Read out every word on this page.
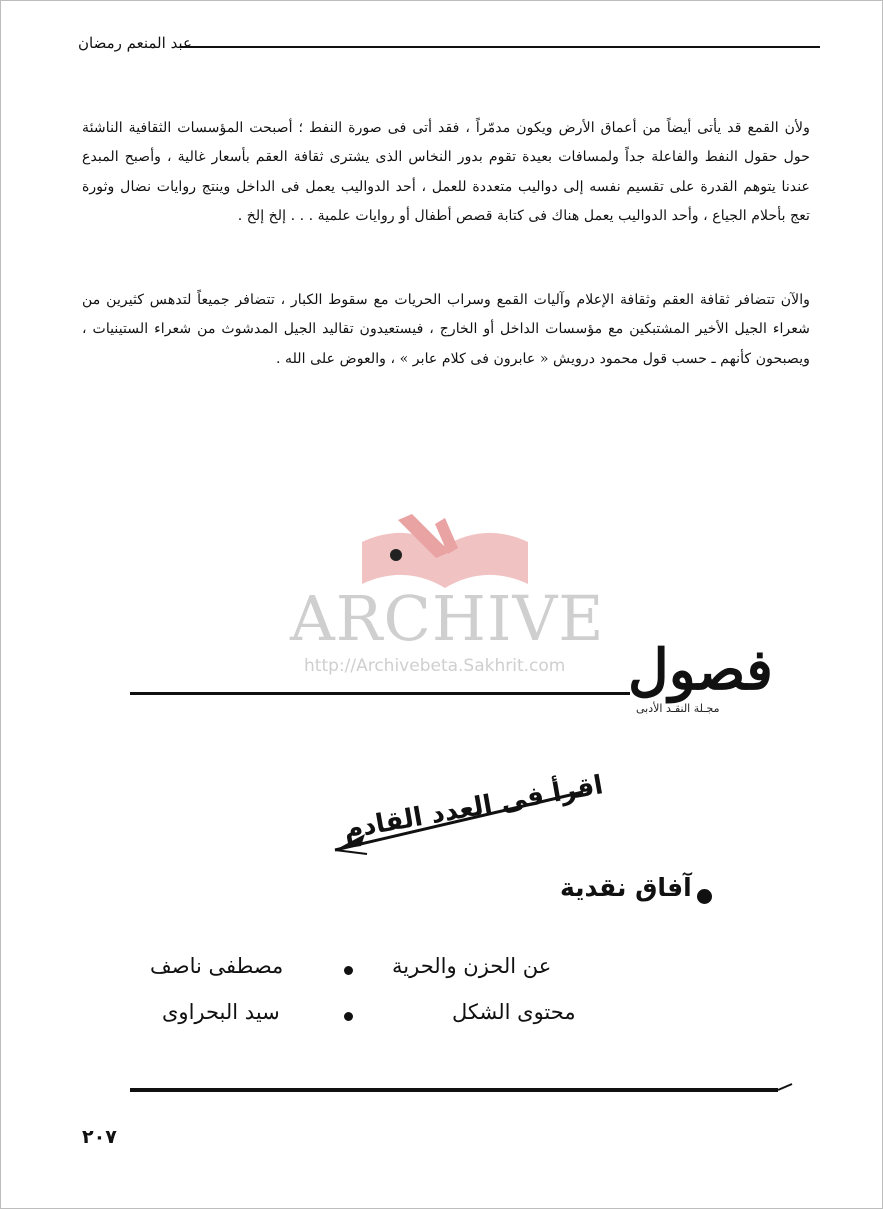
عبد المنعم رمضان
ولأن القمع قد يأتى أيضاً من أعماق الأرض ويكون مدمّراً ، فقد أتى فى صورة النفط ؛ أصبحت المؤسسات الثقافية الناشئة حول حقول النفط والفاعلة جداً ولمسافات بعيدة تقوم بدور النخاس الذى يشترى ثقافة العقم بأسعار غالية ، وأصبح المبدع عندنا يتوهم القدرة على تقسيم نفسه إلى دواليب متعددة للعمل ، أحد الدواليب يعمل فى الداخل وينتج روايات نضال وثورة تعج بأحلام الجياع ، وأحد الدواليب يعمل هناك فى كتابة قصص أطفال أو روايات علمية . . . إلخ إلخ .
والآن تتضافر ثقافة العقم وثقافة الإعلام وآليات القمع وسراب الحريات مع سقوط الكبار ، تتضافر جميعاً لتدهس كثيرين من شعراء الجيل الأخير المشتبكين مع مؤسسات الداخل أو الخارج ، فيستعيدون تقاليد الجيل المدشوث من شعراء الستينيات ، ويصبحون كأنهم ـ حسب قول محمود درويش « عابرون فى كلام عابر » ، والعوض على الله .
ARCHIVE
http://Archivebeta.Sakhrit.com فصول
مجـلة النقـد الأدبى
اقرأ فى العدد القادم
آفاق نقدية
عن الحزن والحرية
مصطفى ناصف
محتوى الشكل
سيد البحراوى
٢٠٧
